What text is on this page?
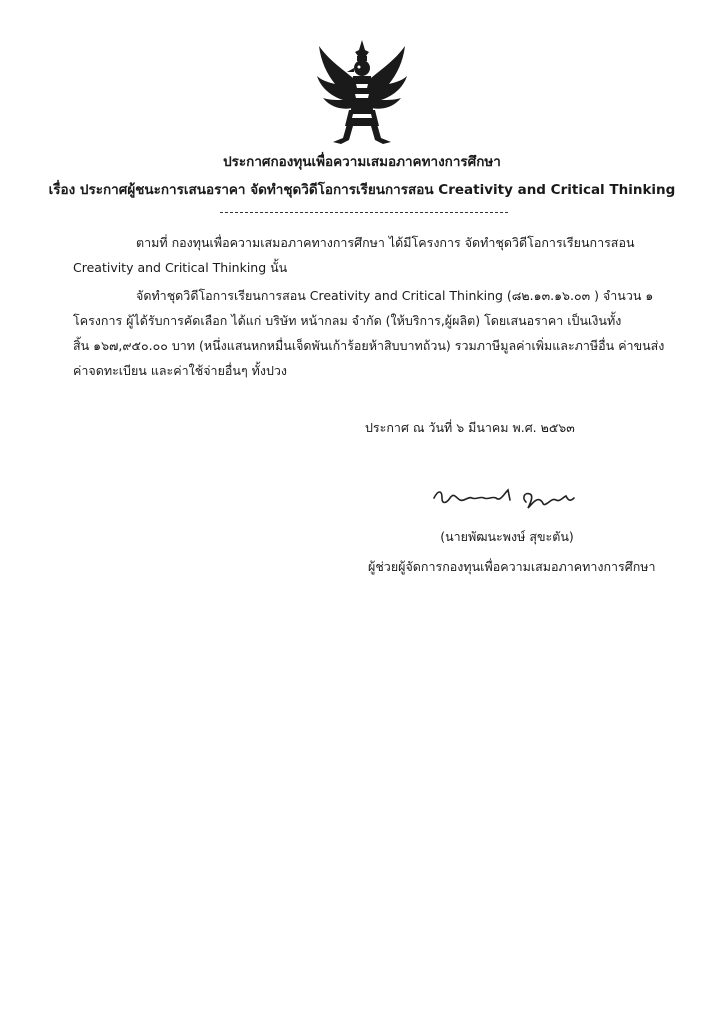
ประกาศกองทุนเพื่อความเสมอภาคทางการศึกษา
เรื่อง ประกาศผู้ชนะการเสนอราคา จัดทำชุดวิดีโอการเรียนการสอน Creativity and Critical Thinking
ตามที่ กองทุนเพื่อความเสมอภาคทางการศึกษา ได้มีโครงการ จัดทำชุดวิดีโอการเรียนการสอน
Creativity and Critical Thinking นั้น
จัดทำชุดวิดีโอการเรียนการสอน Creativity and Critical Thinking (๘๒.๑๓.๑๖.๐๓ ) จำนวน ๑
โครงการ ผู้ได้รับการคัดเลือก ได้แก่ บริษัท หน้ากลม จำกัด (ให้บริการ,ผู้ผลิต) โดยเสนอราคา เป็นเงินทั้ง
สิ้น ๑๖๗,๙๕๐.๐๐ บาท (หนึ่งแสนหกหมื่นเจ็ดพันเก้าร้อยห้าสิบบาทถ้วน) รวมภาษีมูลค่าเพิ่มและภาษีอื่น ค่าขนส่ง
ค่าจดทะเบียน และค่าใช้จ่ายอื่นๆ ทั้งปวง
ประกาศ ณ วันที่ ๖ มีนาคม พ.ศ. ๒๕๖๓
(นายพัฒนะพงษ์ สุขะตัน)
ผู้ช่วยผู้จัดการกองทุนเพื่อความเสมอภาคทางการศึกษา
